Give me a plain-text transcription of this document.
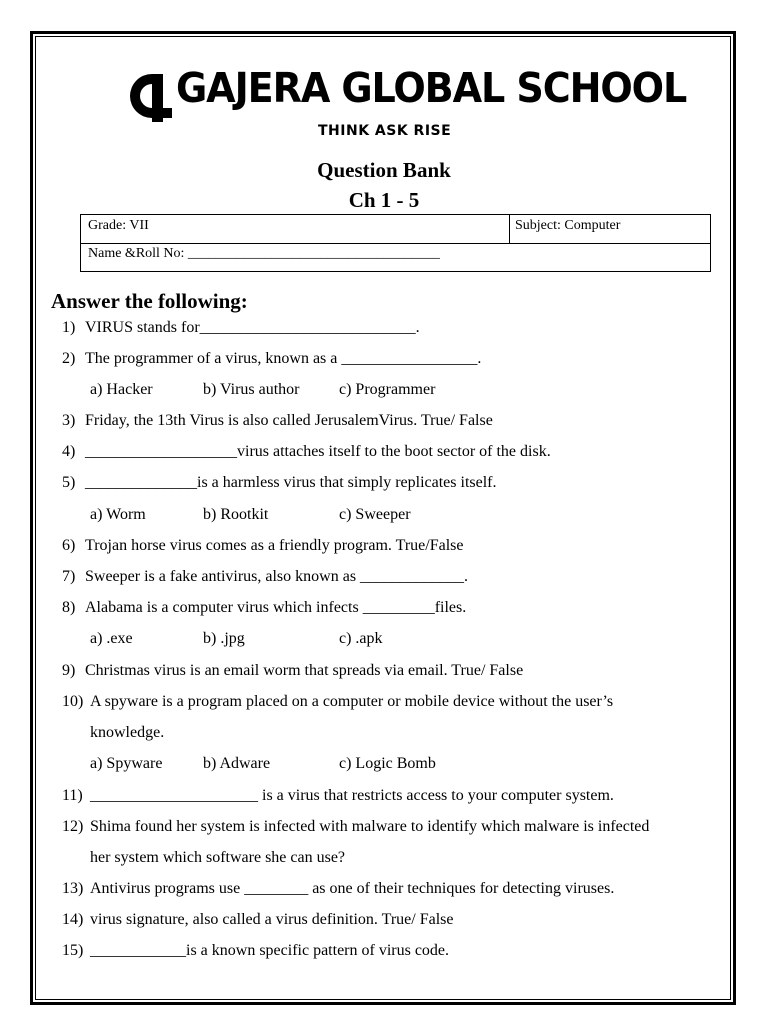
GAJERA GLOBAL SCHOOL
THINK ASK RISE
Question Bank
Ch 1 - 5
Grade: VII	Subject: Computer
Name &Roll No: ____________________________________
Answer the following:
1) VIRUS stands for___________________________.
2) The programmer of a virus, known as a _________________.
a) Hacker	b) Virus author c) Programmer
3) Friday, the 13th Virus is also called JerusalemVirus. True/ False
4) ___________________virus attaches itself to the boot sector of the disk.
5) ______________is a harmless virus that simply replicates itself.
a) Worm	b) Rootkit	c) Sweeper
6) Trojan horse virus comes as a friendly program. True/False
7) Sweeper is a fake antivirus, also known as _____________.
8) Alabama is a computer virus which infects _________files.
a) .exe	b) .jpg	c) .apk
9) Christmas virus is an email worm that spreads via email. True/ False
10) A spyware is a program placed on a computer or mobile device without the user’s
knowledge.
a) Spyware	b) Adware	c) Logic Bomb
11) _____________________ is a virus that restricts access to your computer system.
12) Shima found her system is infected with malware to identify which malware is infected
her system which software she can use?
13) Antivirus programs use ________ as one of their techniques for detecting viruses.
14) virus signature, also called a virus definition. True/ False
15) ____________is a known specific pattern of virus code.
